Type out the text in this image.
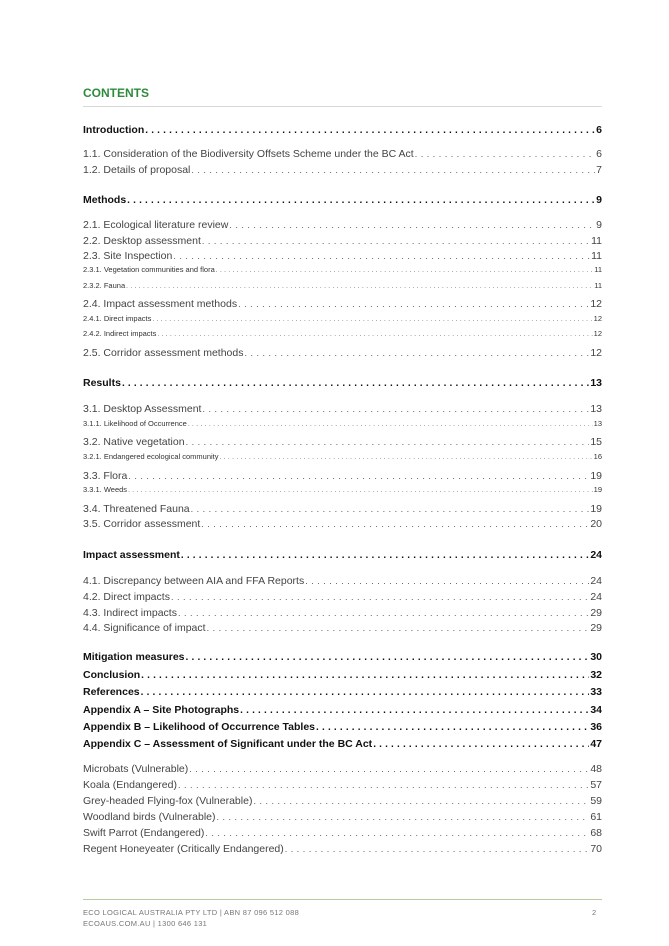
CONTENTS
Introduction . . .	6
1.1. Consideration of the Biodiversity Offsets Scheme under the BC Act . . .	6
1.2. Details of proposal . . .	7
Methods . . .	9
2.1. Ecological literature review . . .	9
2.2. Desktop assessment . . .	11
2.3. Site Inspection . . .	11
2.3.1. Vegetation communities and flora . . .	11
2.3.2. Fauna . . .	11
2.4. Impact assessment methods . . .	12
2.4.1. Direct impacts . . .	12
2.4.2. Indirect impacts . . .	12
2.5. Corridor assessment methods . . .	12
Results . . .	13
3.1. Desktop Assessment . . .	13
3.1.1. Likelihood of Occurrence . . .	13
3.2. Native vegetation . . .	15
3.2.1. Endangered ecological community . . .	16
3.3. Flora . . .	19
3.3.1. Weeds . . .	19
3.4. Threatened Fauna . . .	19
3.5. Corridor assessment . . .	20
Impact assessment . . .	24
4.1. Discrepancy between AIA and FFA Reports . . .	24
4.2. Direct impacts . . .	24
4.3. Indirect impacts . . .	29
4.4. Significance of impact . . .	29
Mitigation measures . . .	30
Conclusion . . .	32
References . . .	33
Appendix A – Site Photographs . . .	34
Appendix B – Likelihood of Occurrence Tables . . .	36
Appendix C – Assessment of Significant under the BC Act . . .	47
Microbats (Vulnerable) . . .	48
Koala (Endangered) . . .	57
Grey-headed Flying-fox (Vulnerable) . . .	59
Woodland birds (Vulnerable) . . .	61
Swift Parrot (Endangered) . . .	68
Regent Honeyeater (Critically Endangered) . . .	70
ECO LOGICAL AUSTRALIA PTY LTD | ABN 87 096 512 088
ECOAUS.COM.AU | 1300 646 131
2
